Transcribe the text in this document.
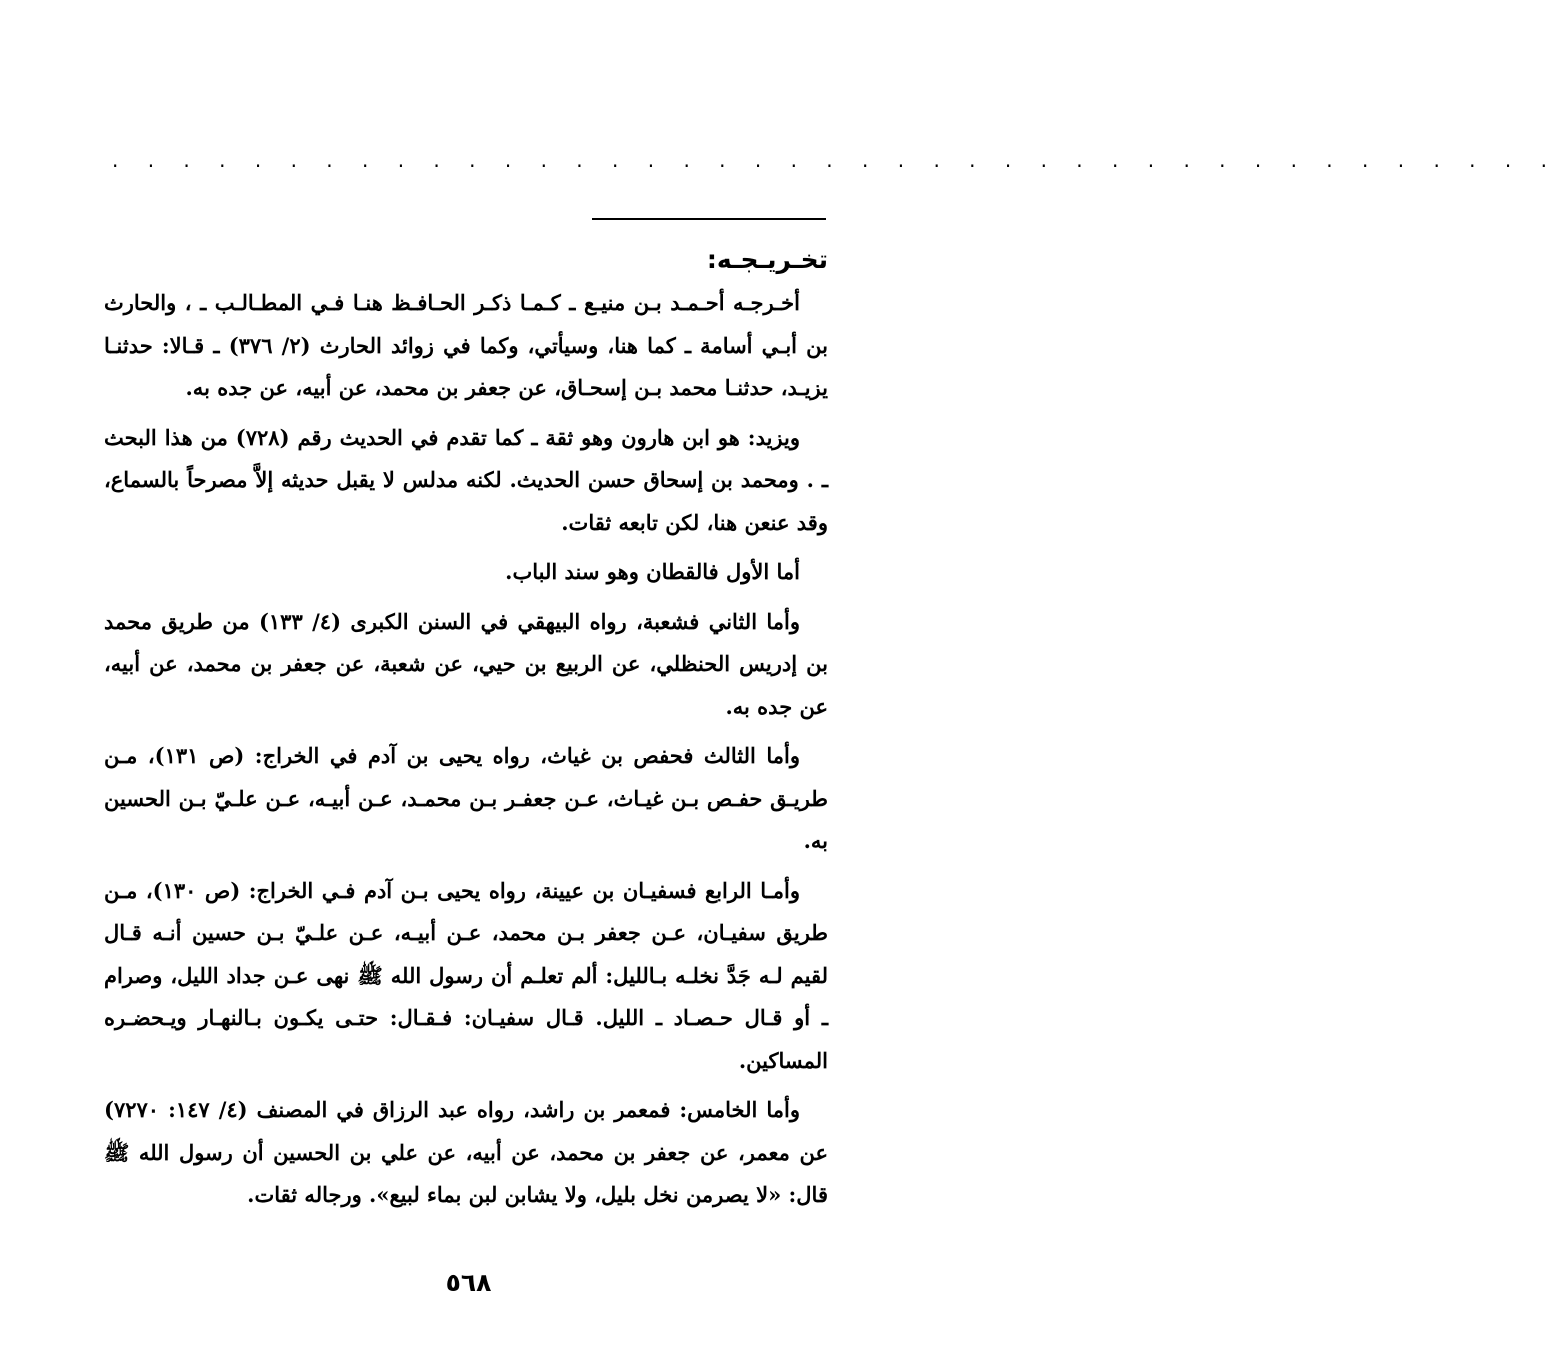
· · · · · · · · · · · · · · · · · · · · · · · · · · · · · · · · · · · · · · · · ·
تخـريـجـه:

أخـرجـه أحـمـد بـن منيـع ـ كـمـا ذكـر الحـافـظ هنـا فـي المطـالـب ـ ، والحارث بن أبـي أسامة ـ كما هنا، وسيأتي، وكما في زوائد الحارث (٢/ ٣٧٦) ـ قـالا: حدثنـا يزيـد، حدثنـا محمد بـن إسحـاق، عن جعفر بن محمد، عن أبيه، عن جده به.

ويزيد: هو ابن هارون وهو ثقة ـ كما تقدم في الحديث رقم (٧٢٨) من هذا البحث ـ . ومحمد بن إسحاق حسن الحديث. لكنه مدلس لا يقبل حديثه إلاَّ مصرحاً بالسماع، وقد عنعن هنا، لكن تابعه ثقات.

أما الأول فالقطان وهو سند الباب.

وأما الثاني فشعبة، رواه البيهقي في السنن الكبرى (٤/ ١٣٣) من طريق محمد بن إدريس الحنظلي، عن الربيع بن حيي، عن شعبة، عن جعفر بن محمد، عن أبيه، عن جده به.

وأما الثالث فحفص بن غياث، رواه يحيى بن آدم في الخراج: (ص ١٣١)، مـن طريـق حفـص بـن غيـاث، عـن جعفـر بـن محمـد، عـن أبيـه، عـن علـيّ بـن الحسين به.

وأمـا الرابع فسفيـان بن عيينة، رواه يحيى بـن آدم فـي الخراج: (ص ١٣٠)، مـن طريق سفيـان، عـن جعفر بـن محمد، عـن أبيـه، عـن علـيّ بـن حسين أنـه قـال لقيم لـه جَدَّ نخلـه بـالليل: ألم تعلـم أن رسول الله ﷺ نهى عـن جداد الليل، وصرام ـ أو قـال حـصـاد ـ الليل. قـال سفيـان: فـقـال: حتـى يكـون بـالنهـار ويـحضـره المساكين.

وأما الخامس: فمعمر بن راشد، رواه عبد الرزاق في المصنف (٤/ ١٤٧: ٧٢٧٠) عن معمر، عن جعفر بن محمد، عن أبيه، عن علي بن الحسين أن رسول الله ﷺ قال: «لا يصرمن نخل بليل، ولا يشابن لبن بماء لبيع». ورجاله ثقات.

٥٦٨
